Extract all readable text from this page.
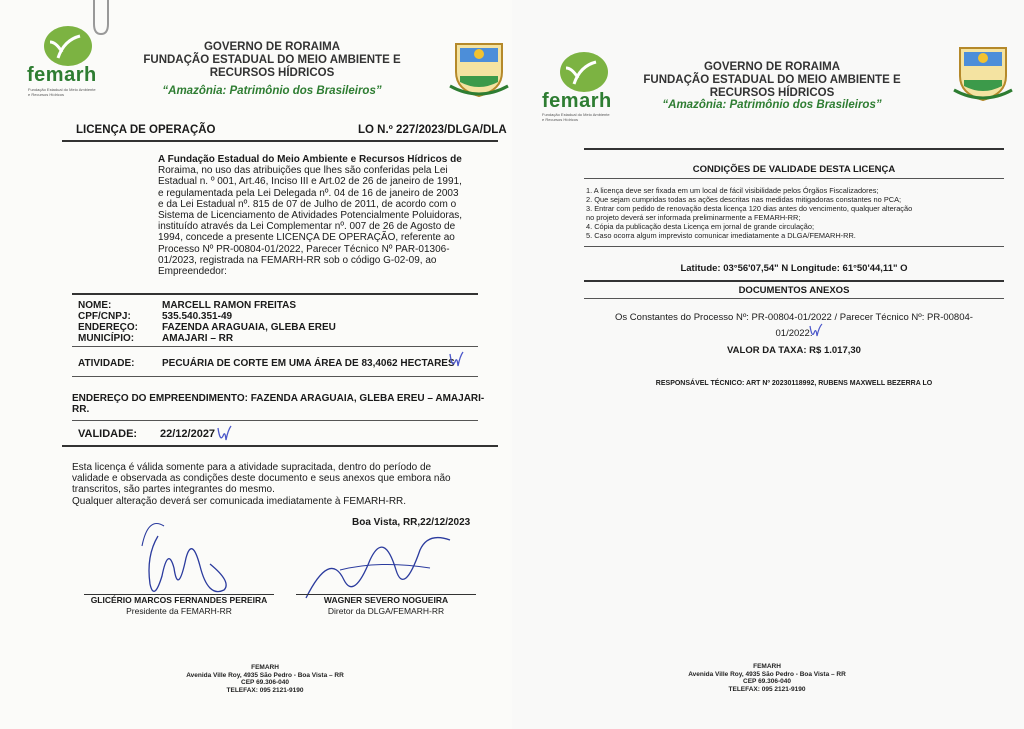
femarh
Fundação Estadual do Meio Ambiente e Recursos Hídricos
GOVERNO DE RORAIMA
FUNDAÇÃO ESTADUAL DO MEIO AMBIENTE E
RECURSOS HÍDRICOS
“Amazônia: Patrimônio dos Brasileiros”
LICENÇA DE OPERAÇÃO	LO N.º 227/2023/DLGA/DLA
A Fundação Estadual do Meio Ambiente e Recursos Hídricos de
Roraima, no uso das atribuições que lhes são conferidas pela Lei
Estadual n. º 001, Art.46, Inciso III e Art.02 de 26 de janeiro de 1991,
e regulamentada pela Lei Delegada nº. 04 de 16 de janeiro de 2003
e da Lei Estadual nº. 815 de 07 de Julho de 2011, de acordo com o
Sistema de Licenciamento de Atividades Potencialmente Poluidoras,
instituído através da Lei Complementar nº. 007 de 26 de Agosto de
1994, concede a presente LICENÇA DE OPERAÇÃO, referente ao
Processo Nº PR-00804-01/2022, Parecer Técnico Nº PAR-01306-
01/2023, registrada na FEMARH-RR sob o código G-02-09, ao
Empreendedor:
NOME:	MARCELL RAMON FREITAS
CPF/CNPJ:	535.540.351-49
ENDEREÇO: FAZENDA ARAGUAIA, GLEBA EREU
MUNICÍPIO:	AMAJARI – RR
ATIVIDADE:	PECUÁRIA DE CORTE EM UMA ÁREA DE 83,4062 HECTARES
ENDEREÇO DO EMPREENDIMENTO: FAZENDA ARAGUAIA, GLEBA EREU – AMAJARI-
RR.
VALIDADE: 22/12/2027
Esta licença é válida somente para a atividade supracitada, dentro do período de
validade e observada as condições deste documento e seus anexos que embora não
transcritos, são partes integrantes do mesmo.
Qualquer alteração deverá ser comunicada imediatamente à FEMARH-RR.
Boa Vista, RR,22/12/2023
GLICÉRIO MARCOS FERNANDES PEREIRA
Presidente da FEMARH-RR
WAGNER SEVERO NOGUEIRA
Diretor da DLGA/FEMARH-RR
FEMARH
Avenida Ville Roy, 4935 São Pedro - Boa Vista – RR
CEP 69.306-040
TELEFAX: 095 2121-9190
femarh
Fundação Estadual do Meio Ambiente e Recursos Hídricos
GOVERNO DE RORAIMA
FUNDAÇÃO ESTADUAL DO MEIO AMBIENTE E
RECURSOS HÍDRICOS
“Amazônia: Patrimônio dos Brasileiros”
CONDIÇÕES DE VALIDADE DESTA LICENÇA
1. A licença deve ser fixada em um local de fácil visibilidade pelos Órgãos Fiscalizadores;
2. Que sejam cumpridas todas as ações descritas nas medidas mitigadoras constantes no PCA;
3. Entrar com pedido de renovação desta licença 120 dias antes do vencimento, qualquer alteração
no projeto deverá ser informada preliminarmente a FEMARH-RR;
4. Cópia da publicação desta Licença em jornal de grande circulação;
5. Caso ocorra algum imprevisto comunicar imediatamente a DLGA/FEMARH-RR.
Latitude: 03°56'07,54" N Longitude: 61°50'44,11" O
DOCUMENTOS ANEXOS
Os Constantes do Processo Nº: PR-00804-01/2022 / Parecer Técnico Nº: PR-00804-
01/2022.
VALOR DA TAXA: R$ 1.017,30
RESPONSÁVEL TÉCNICO: ART Nº 20230118992, RUBENS MAXWELL BEZERRA LO
FEMARH
Avenida Ville Roy, 4935 São Pedro - Boa Vista – RR
CEP 69.306-040
TELEFAX: 095 2121-9190
